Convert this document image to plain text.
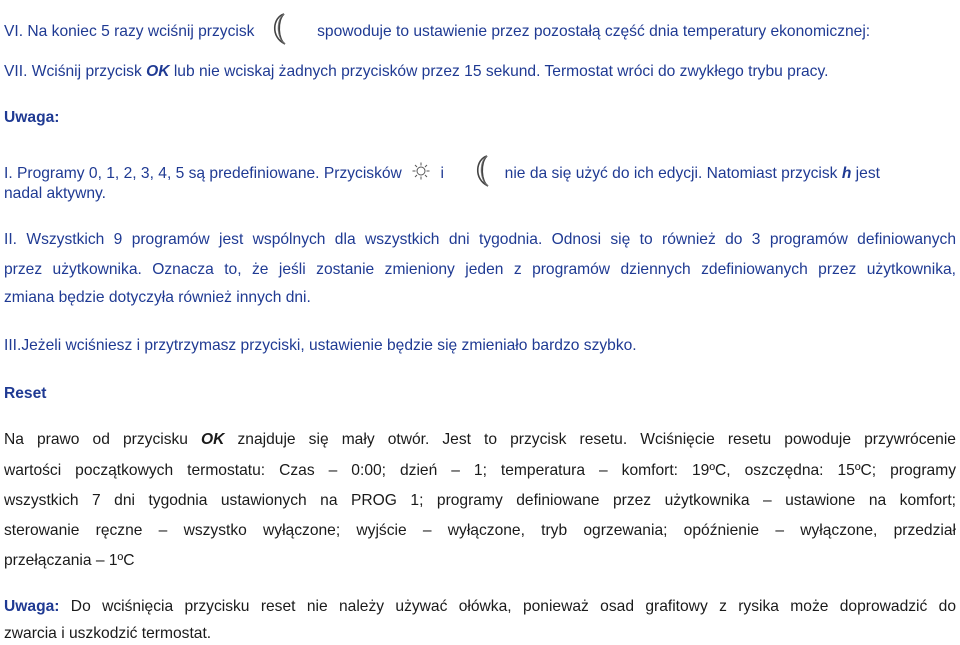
VI. Na koniec 5 razy wciśnij przycisk	spowoduje to ustawienie przez pozostałą część dnia temperatury ekonomicznej:
VII. Wciśnij przycisk OK lub nie wciskaj żadnych przycisków przez 15 sekund. Termostat wróci do zwykłego trybu pracy.
Uwaga:
I. Programy 0, 1, 2, 3, 4, 5 są predefiniowane. Przycisków i	nie da się użyć do ich edycji. Natomiast przycisk h jest
nadal aktywny.
II. Wszystkich 9 programów jest wspólnych dla wszystkich dni tygodnia. Odnosi się to również do 3 programów definiowanych
przez użytkownika. Oznacza to, że jeśli zostanie zmieniony jeden z programów dziennych zdefiniowanych przez użytkownika,
zmiana będzie dotyczyła również innych dni.
III.Jeżeli wciśniesz i przytrzymasz przyciski, ustawienie będzie się zmieniało bardzo szybko.
Reset
Na prawo od przycisku OK znajduje się mały otwór. Jest to przycisk resetu. Wciśnięcie resetu powoduje przywrócenie
wartości początkowych termostatu: Czas – 0:00; dzień – 1; temperatura – komfort: 19ºC, oszczędna: 15ºC; programy
wszystkich 7 dni tygodnia ustawionych na PROG 1; programy definiowane przez użytkownika – ustawione na komfort;
sterowanie ręczne – wszystko wyłączone; wyjście – wyłączone, tryb ogrzewania; opóźnienie – wyłączone, przedział
przełączania – 1ºC
Uwaga: Do wciśnięcia przycisku reset nie należy używać ołówka, ponieważ osad grafitowy z rysika może doprowadzić do
zwarcia i uszkodzić termostat.
